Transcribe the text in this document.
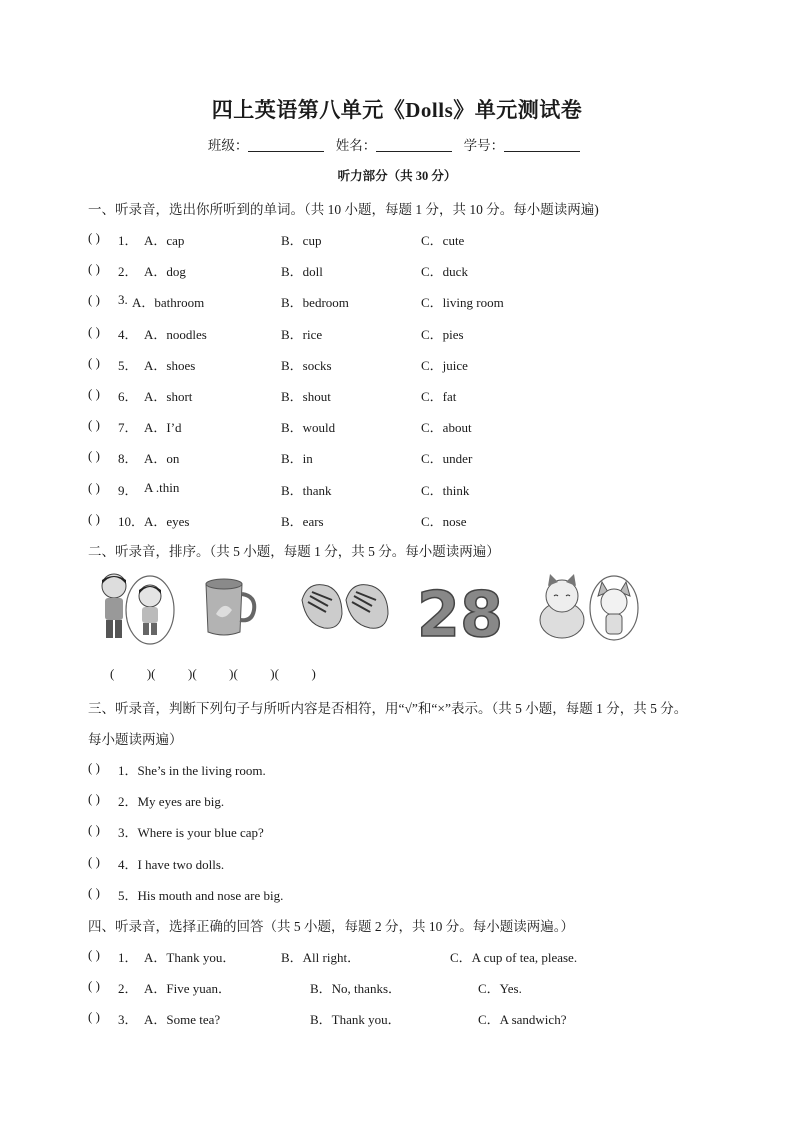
四上英语第八单元《Dolls》单元测试卷
班级：	姓名：	学号：
听力部分（共 30 分）
一、听录音，选出你所听到的单词。（共 10 小题，每题 1 分，共 10 分。每小题读两遍)
( ) 1． A．cap	B．cup	C．cute
( ) 2． A．dog	B．doll	C．duck
( ) 3. A．bathroom	B．bedroom	C．living room
( ) 4． A．noodles	B．rice	C．pies
( ) 5． A．shoes	B．socks	C．juice
( ) 6． A．short	B．shout	C．fat
( ) 7． A．I’d	B．would	C．about
( ) 8． A．on	B．in	C．under
( ) 9． A .thin	B．thank	C．think
( ) 10． A．eyes	B．ears	C．nose
二、听录音，排序。（共 5 小题，每题 1 分，共 5 分。每小题读两遍）
28
(          )(          )(          )(          )(          )
三、听录音，判断下列句子与所听内容是否相符，用“√”和“×”表示。（共 5 小题，每题 1 分，共 5 分。
每小题读两遍）
( ) 1．She’s in the living room.
( ) 2．My eyes are big.
( ) 3．Where is your blue cap?
( ) 4．I have two dolls.
( ) 5．His mouth and nose are big.
四、听录音，选择正确的回答（共 5 小题，每题 2 分，共 10 分。每小题读两遍。）
( ) 1． A．Thank you．	B．All right．	C．A cup of tea, please.
( ) 2． A．Five yuan．	B．No, thanks．	C．Yes.
( ) 3． A．Some tea?	B．Thank you．	C．A sandwich?
